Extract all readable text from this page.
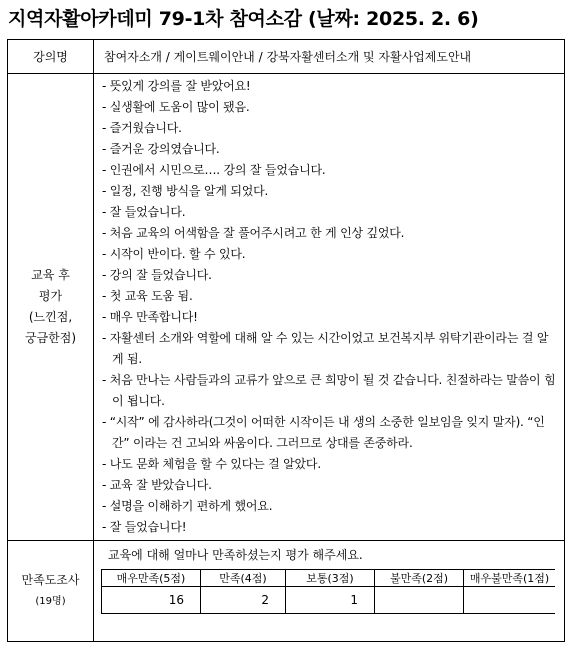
지역자활아카데미 79-1차 참여소감 (날짜: 2025. 2. 6)
강의명	참여자소개 / 게이트웨이안내 / 강북자활센터소개 및 자활사업제도안내

교육 후
평가
(느낀점,
궁금한점)

- 뜻있게 강의를 잘 받았어요!
- 실생활에 도움이 많이 됐음.
- 즐거웠습니다.
- 즐거운 강의였습니다.
- 인권에서 시민으로…. 강의 잘 들었습니다.
- 일정, 진행 방식을 알게 되었다.
- 잘 들었습니다.
- 처음 교육의 어색함을 잘 풀어주시려고 한 게 인상 깊었다.
- 시작이 반이다. 할 수 있다.
- 강의 잘 들었습니다.
- 첫 교육 도움 됨.
- 매우 만족합니다!
- 자활센터 소개와 역할에 대해 알 수 있는 시간이었고 보건복지부 위탁기관이라는 걸 알게 됨.
- 처음 만나는 사람들과의 교류가 앞으로 큰 희망이 될 것 같습니다. 친절하라는 말씀이 힘이 됩니다.
- “시작” 에 감사하라(그것이 어떠한 시작이든 내 생의 소중한 일보임을 잊지 말자). “인간” 이라는 건 고뇌와 싸움이다. 그러므로 상대를 존중하라.
- 나도 문화 체험을 할 수 있다는 걸 알았다.
- 교육 잘 받았습니다.
- 설명을 이해하기 편하게 했어요.
- 잘 들었습니다!

만족도조사
(19명)

교육에 대해 얼마나 만족하셨는지 평가 해주세요.
매우만족(5점)	만족(4점)	보통(3점)	불만족(2점)	매우불만족(1점)
16	2	1		
